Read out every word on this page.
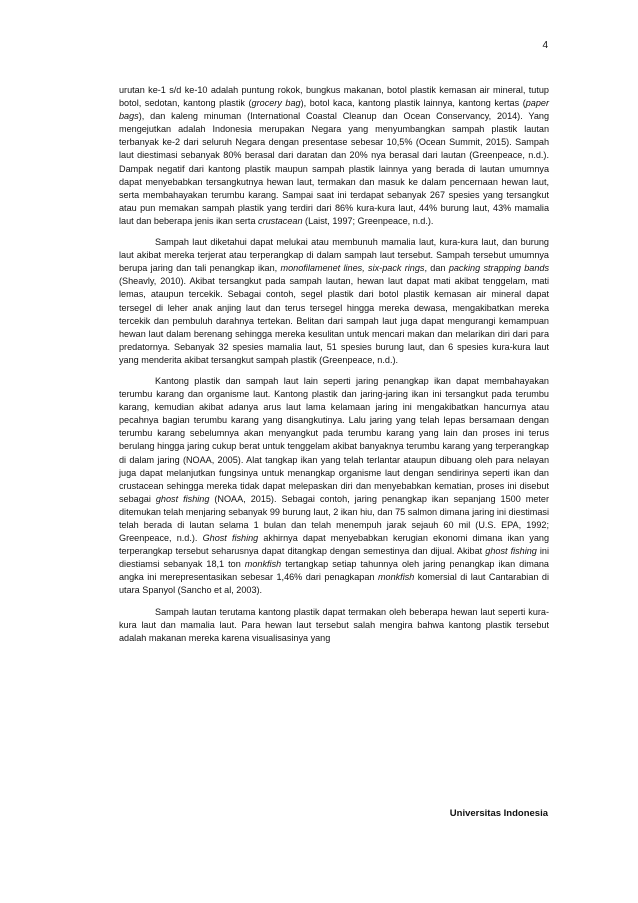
4

urutan ke-1 s/d ke-10 adalah puntung rokok, bungkus makanan, botol plastik kemasan air mineral, tutup botol, sedotan, kantong plastik (grocery bag), botol kaca, kantong plastik lainnya, kantong kertas (paper bags), dan kaleng minuman (International Coastal Cleanup dan Ocean Conservancy, 2014). Yang mengejutkan adalah Indonesia merupakan Negara yang menyumbangkan sampah plastik lautan terbanyak ke-2 dari seluruh Negara dengan presentase sebesar 10,5% (Ocean Summit, 2015). Sampah laut diestimasi sebanyak 80% berasal dari daratan dan 20% nya berasal dari lautan (Greenpeace, n.d.). Dampak negatif dari kantong plastik maupun sampah plastik lainnya yang berada di lautan umumnya dapat menyebabkan tersangkutnya hewan laut, termakan dan masuk ke dalam pencernaan hewan laut, serta membahayakan terumbu karang. Sampai saat ini terdapat sebanyak 267 spesies yang tersangkut atau pun memakan sampah plastik yang terdiri dari 86% kura-kura laut, 44% burung laut, 43% mamalia laut dan beberapa jenis ikan serta crustacean (Laist, 1997; Greenpeace, n.d.).

Sampah laut diketahui dapat melukai atau membunuh mamalia laut, kura-kura laut, dan burung laut akibat mereka terjerat atau terperangkap di dalam sampah laut tersebut. Sampah tersebut umumnya berupa jaring dan tali penangkap ikan, monofilamenet lines, six-pack rings, dan packing strapping bands (Sheavly, 2010). Akibat tersangkut pada sampah lautan, hewan laut dapat mati akibat tenggelam, mati lemas, ataupun tercekik. Sebagai contoh, segel plastik dari botol plastik kemasan air mineral dapat tersegel di leher anak anjing laut dan terus tersegel hingga mereka dewasa, mengakibatkan mereka tercekik dan pembuluh darahnya tertekan. Belitan dari sampah laut juga dapat mengurangi kemampuan hewan laut dalam berenang sehingga mereka kesulitan untuk mencari makan dan melarikan diri dari para predatornya. Sebanyak 32 spesies mamalia laut, 51 spesies burung laut, dan 6 spesies kura-kura laut yang menderita akibat tersangkut sampah plastik (Greenpeace, n.d.).

Kantong plastik dan sampah laut lain seperti jaring penangkap ikan dapat membahayakan terumbu karang dan organisme laut. Kantong plastik dan jaring-jaring ikan ini tersangkut pada terumbu karang, kemudian akibat adanya arus laut lama kelamaan jaring ini mengakibatkan hancurnya atau pecahnya bagian terumbu karang yang disangkutinya. Lalu jaring yang telah lepas bersamaan dengan terumbu karang sebelumnya akan menyangkut pada terumbu karang yang lain dan proses ini terus berulang hingga jaring cukup berat untuk tenggelam akibat banyaknya terumbu karang yang terperangkap di dalam jaring (NOAA, 2005). Alat tangkap ikan yang telah terlantar ataupun dibuang oleh para nelayan juga dapat melanjutkan fungsinya untuk menangkap organisme laut dengan sendirinya seperti ikan dan crustacean sehingga mereka tidak dapat melepaskan diri dan menyebabkan kematian, proses ini disebut sebagai ghost fishing (NOAA, 2015). Sebagai contoh, jaring penangkap ikan sepanjang 1500 meter ditemukan telah menjaring sebanyak 99 burung laut, 2 ikan hiu, dan 75 salmon dimana jaring ini diestimasi telah berada di lautan selama 1 bulan dan telah menempuh jarak sejauh 60 mil (U.S. EPA, 1992; Greenpeace, n.d.). Ghost fishing akhirnya dapat menyebabkan kerugian ekonomi dimana ikan yang terperangkap tersebut seharusnya dapat ditangkap dengan semestinya dan dijual. Akibat ghost fishing ini diestiamsi sebanyak 18,1 ton monkfish tertangkap setiap tahunnya oleh jaring penangkap ikan dimana angka ini merepresentasikan sebesar 1,46% dari penagkapan monkfish komersial di laut Cantarabian di utara Spanyol (Sancho et al, 2003).

Sampah lautan terutama kantong plastik dapat termakan oleh beberapa hewan laut seperti kura-kura laut dan mamalia laut. Para hewan laut tersebut salah mengira bahwa kantong plastik tersebut adalah makanan mereka karena visualisasinya yang

Universitas Indonesia
